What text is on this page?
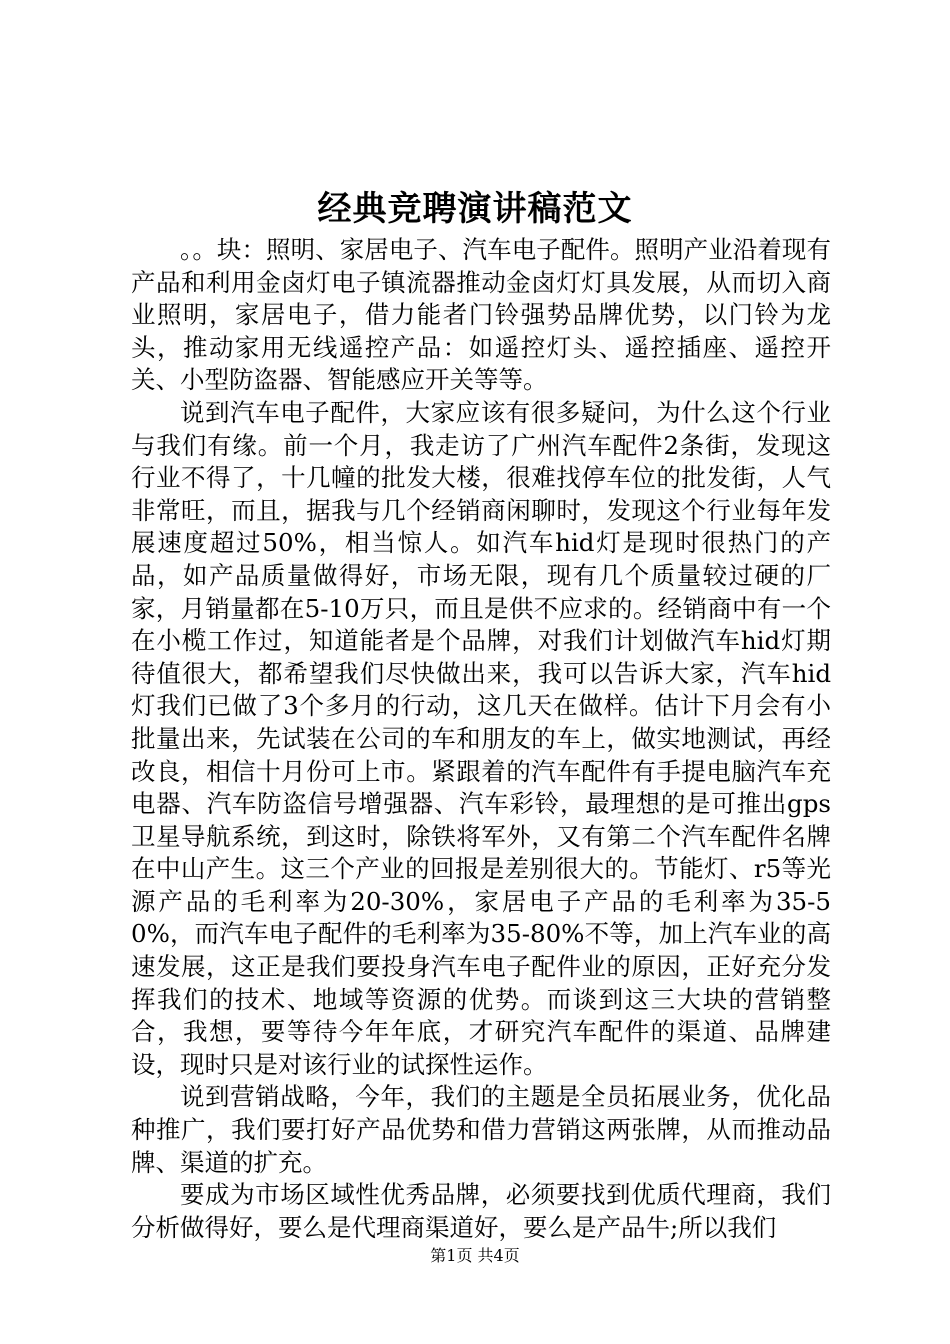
经典竞聘演讲稿范文

。。块：照明、家居电子、汽车电子配件。照明产业沿着现有产品和利用金卤灯电子镇流器推动金卤灯灯具发展，从而切入商业照明，家居电子，借力能者门铃强势品牌优势，以门铃为龙头，推动家用无线遥控产品：如遥控灯头、遥控插座、遥控开关、小型防盗器、智能感应开关等等。

说到汽车电子配件，大家应该有很多疑问，为什么这个行业与我们有缘。前一个月，我走访了广州汽车配件2条街，发现这行业不得了，十几幢的批发大楼，很难找停车位的批发街，人气非常旺，而且，据我与几个经销商闲聊时，发现这个行业每年发展速度超过50%，相当惊人。如汽车hid灯是现时很热门的产品，如产品质量做得好，市场无限，现有几个质量较过硬的厂家，月销量都在5-10万只，而且是供不应求的。经销商中有一个在小榄工作过，知道能者是个品牌，对我们计划做汽车hid灯期待值很大，都希望我们尽快做出来，我可以告诉大家，汽车hid灯我们已做了3个多月的行动，这几天在做样。估计下月会有小批量出来，先试装在公司的车和朋友的车上，做实地测试，再经改良，相信十月份可上市。紧跟着的汽车配件有手提电脑汽车充电器、汽车防盗信号增强器、汽车彩铃，最理想的是可推出gps卫星导航系统，到这时，除铁将军外，又有第二个汽车配件名牌在中山产生。这三个产业的回报是差别很大的。节能灯、r5等光源产品的毛利率为20-30%，家居电子产品的毛利率为35-50%，而汽车电子配件的毛利率为35-80%不等，加上汽车业的高速发展，这正是我们要投身汽车电子配件业的原因，正好充分发挥我们的技术、地域等资源的优势。而谈到这三大块的营销整合，我想，要等待今年年底，才研究汽车配件的渠道、品牌建设，现时只是对该行业的试探性运作。

说到营销战略，今年，我们的主题是全员拓展业务，优化品种推广，我们要打好产品优势和借力营销这两张牌，从而推动品牌、渠道的扩充。

要成为市场区域性优秀品牌，必须要找到优质代理商，我们分析做得好，要么是代理商渠道好，要么是产品牛;所以我们

第1页 共4页
